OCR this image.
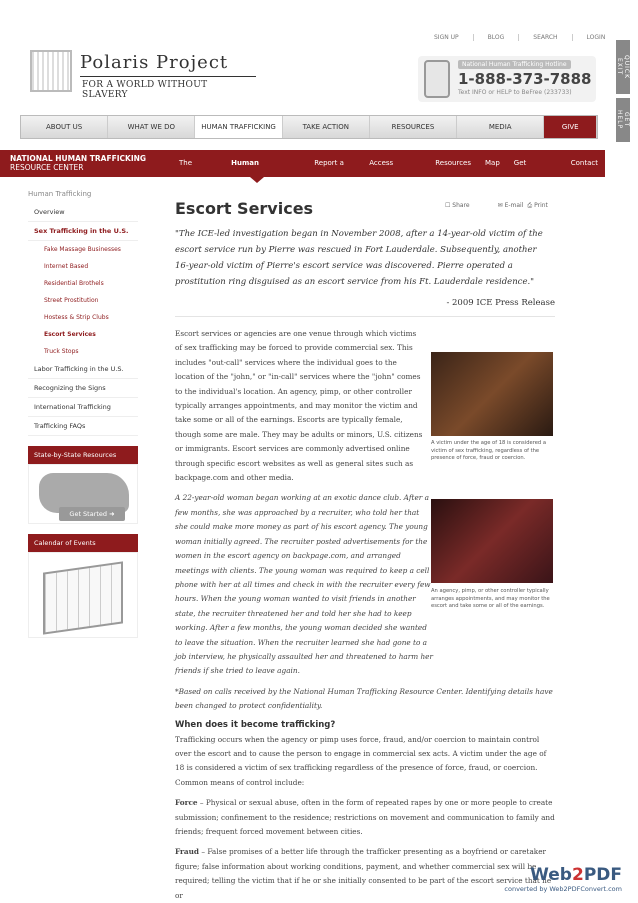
SIGN UP	BLOG	SEARCH	LOGIN
Polaris Project
FOR A WORLD WITHOUT SLAVERY
National Human Trafficking Hotline
1-888-373-7888
Text INFO or HELP to BeFree (233733)
QUICK EXIT
GET HELP
ABOUT US	WHAT WE DO	HUMAN TRAFFICKING	TAKE ACTION	RESOURCES	MEDIA	GIVE
NATIONAL HUMAN TRAFFICKING
RESOURCE CENTER	The NHTRC
Human Trafficking
Report a Tip
Access Training
Resources	Map	Get Involved
Contact
Human Trafficking
Overview
Sex Trafficking in the U.S.
Fake Massage Businesses
Internet Based
Residential Brothels
Street Prostitution
Hostess & Strip Clubs
Escort Services
Truck Stops
Labor Trafficking in the U.S.
Recognizing the Signs
International Trafficking
Trafficking FAQs
State-by-State Resources
Get Started ➜
Calendar of Events
☐ Share	✉ E-mail ⎙ Print
Escort Services

"The ICE-led investigation began in November 2008, after a 14-year-old victim of the escort service run by Pierre was rescued in Fort Lauderdale. Subsequently, another 16-year-old victim of Pierre's escort service was discovered. Pierre operated a prostitution ring disguised as an escort service from his Ft. Lauderdale residence."

- 2009 ICE Press Release

Escort services or agencies are one venue through which victims of sex trafficking may be forced to provide commercial sex. This includes "out-call" services where the individual goes to the location of the "john," or "in-call" services where the "john" comes to the individual's location. An agency, pimp, or other controller typically arranges appointments, and may monitor the victim and take some or all of the earnings. Escorts are typically female, though some are male. They may be adults or minors, U.S. citizens or immigrants. Escort services are commonly advertised online through specific escort websites as well as general sites such as backpage.com and other media.

A 22-year-old woman began working at an exotic dance club. After a few months, she was approached by a recruiter, who told her that she could make more money as part of his escort agency. The young woman initially agreed. The recruiter posted advertisements for the women in the escort agency on backpage.com, and arranged meetings with clients. The young woman was required to keep a cell phone with her at all times and check in with the recruiter every few hours. When the young woman wanted to visit friends in another state, the recruiter threatened her and told her she had to keep working. After a few months, the young woman decided she wanted to leave the situation. When the recruiter learned she had gone to a job interview, he physically assaulted her and threatened to harm her friends if she tried to leave again.

*Based on calls received by the National Human Trafficking Resource Center. Identifying details have been changed to protect confidentiality.

When does it become trafficking?

Trafficking occurs when the agency or pimp uses force, fraud, and/or coercion to maintain control over the escort and to cause the person to engage in commercial sex acts. A victim under the age of 18 is considered a victim of sex trafficking regardless of the presence of force, fraud, or coercion. Common means of control include:

Force – Physical or sexual abuse, often in the form of repeated rapes by one or more people to create submission; confinement to the residence; restrictions on movement and communication to family and friends; frequent forced movement between cities.

Fraud – False promises of a better life through the trafficker presenting as a boyfriend or caretaker figure; false information about working conditions, payment, and whether commercial sex will be required; telling the victim that if he or she initially consented to be part of the escort service that he or

A victim under the age of 18 is considered a victim of sex trafficking, regardless of the presence of force, fraud or coercion.
An agency, pimp, or other controller typically arranges appointments, and may monitor the escort and take some or all of the earnings.
Web2PDF
converted by Web2PDFConvert.com
